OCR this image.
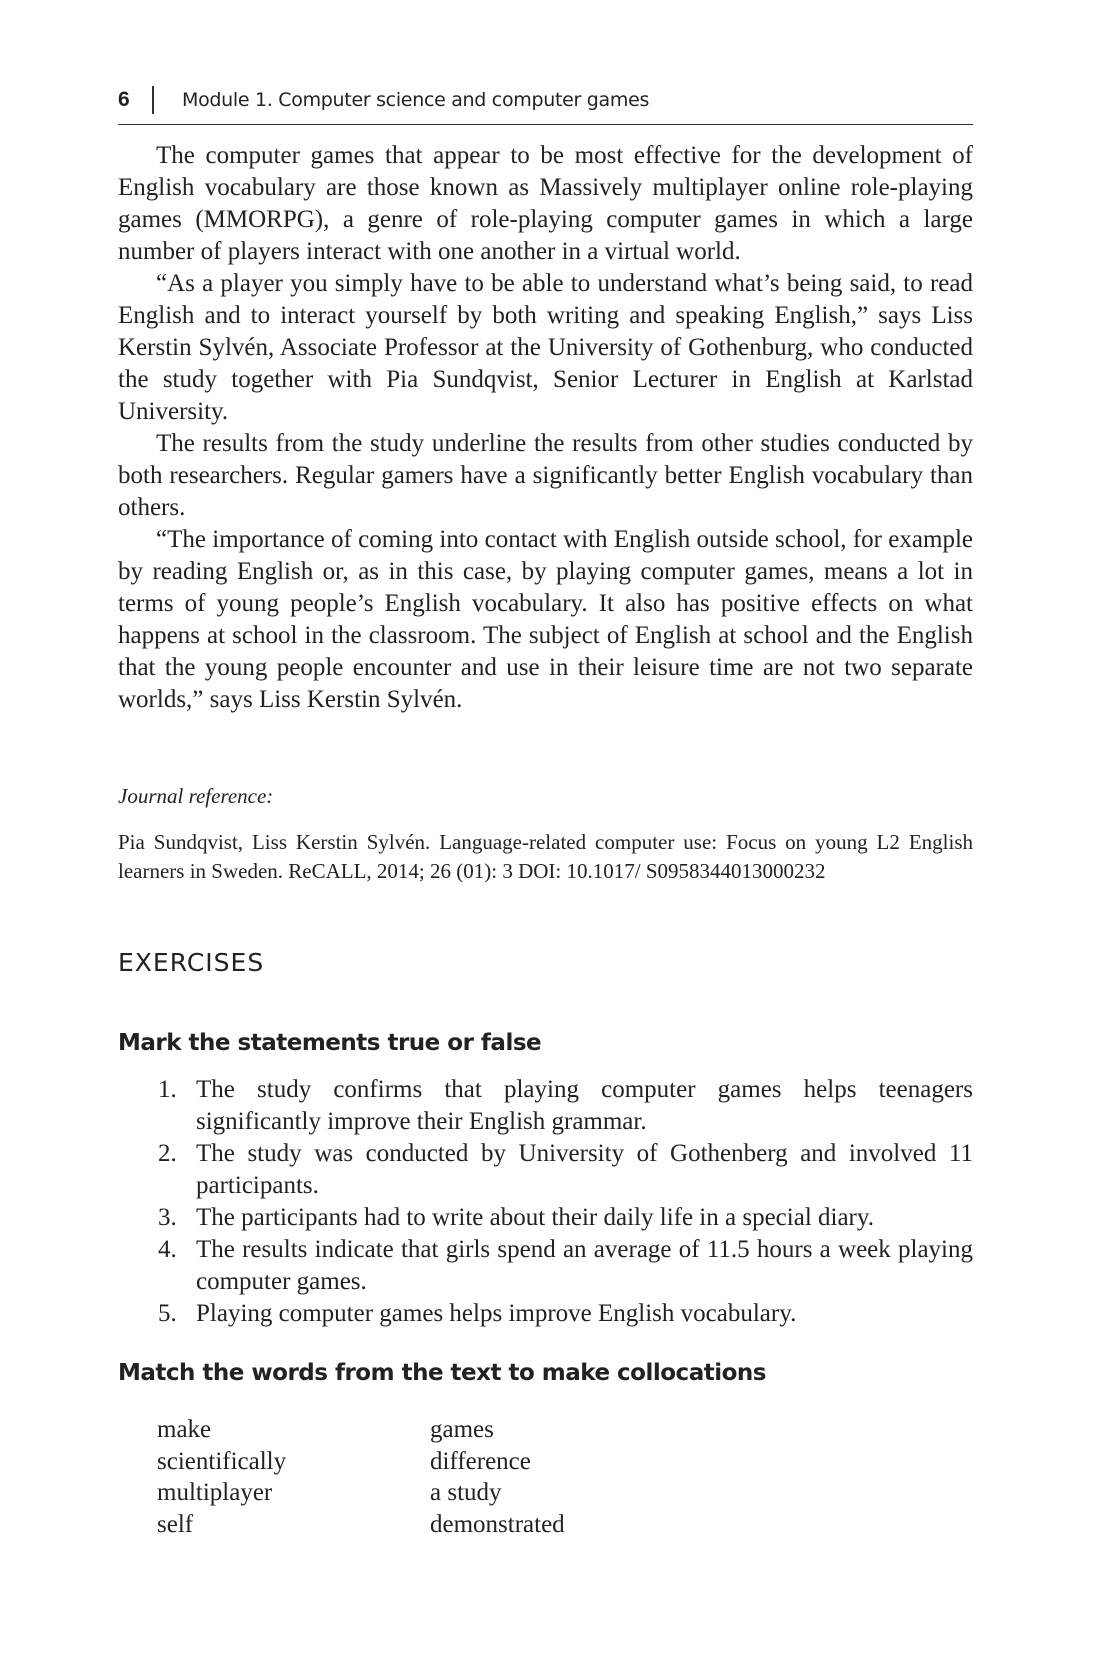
6	Module 1. Computer science and computer games

The computer games that appear to be most effective for the development of English vocabulary are those known as Massively multiplayer online role-playing games (MMORPG), a genre of role-playing computer games in which a large number of players interact with one another in a virtual world.

“As a player you simply have to be able to understand what’s being said, to read English and to interact yourself by both writing and speaking English,” says Liss Kerstin Sylvén, Associate Professor at the University of Gothenburg, who conducted the study together with Pia Sundqvist, Senior Lecturer in English at Karlstad University.

The results from the study underline the results from other studies conducted by both researchers. Regular gamers have a significantly better English vocabulary than others.

“The importance of coming into contact with English outside school, for example by reading English or, as in this case, by playing computer games, means a lot in terms of young people’s English vocabulary. It also has positive effects on what happens at school in the classroom. The subject of English at school and the English that the young people encounter and use in their leisure time are not two separate worlds,” says Liss Kerstin Sylvén.

Journal reference:
Pia Sundqvist, Liss Kerstin Sylvén. Language-related computer use: Focus on young L2 English learners in Sweden. ReCALL, 2014; 26 (01): 3 DOI: 10.1017/ S0958344013000232
EXERCISES
Mark the statements true or false
1. The study confirms that playing computer games helps teenagers significantly improve their English grammar.
2. The study was conducted by University of Gothenberg and involved 11 participants.
3. The participants had to write about their daily life in a special diary.
4. The results indicate that girls spend an average of 11.5 hours a week playing computer games.
5. Playing computer games helps improve English vocabulary.
Match the words from the text to make collocations
make	games
scientifically	difference
multiplayer	a study
self	demonstrated
